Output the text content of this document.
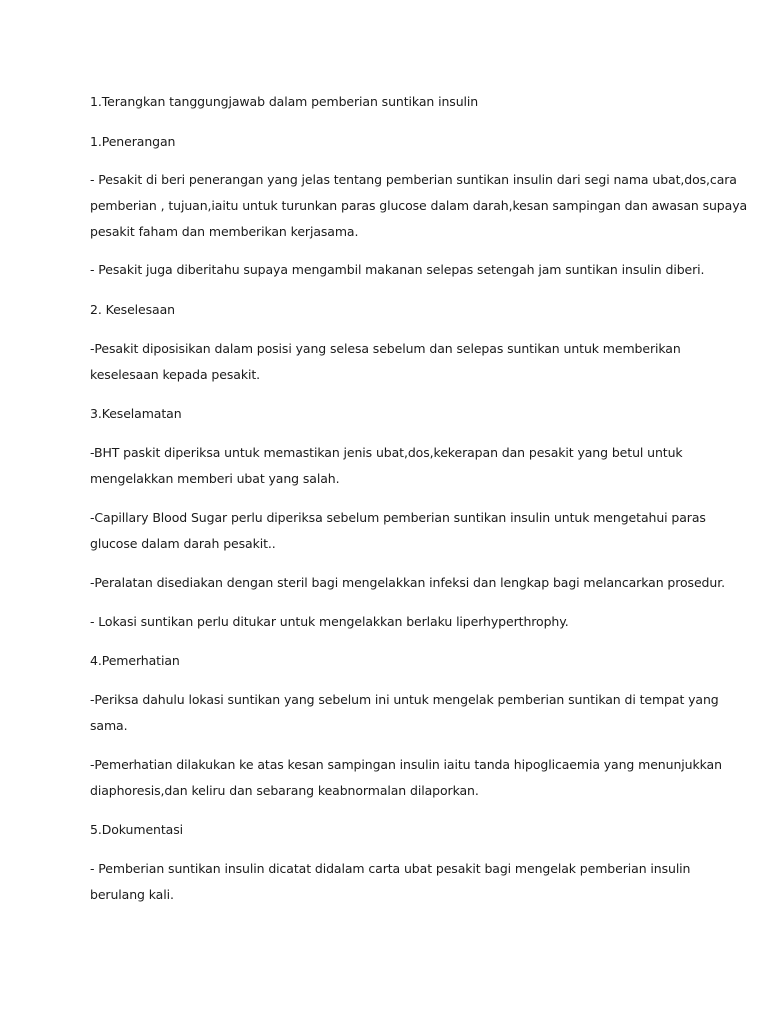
1.Terangkan tanggungjawab dalam pemberian suntikan insulin
1.Penerangan
- Pesakit di beri penerangan yang jelas tentang pemberian suntikan insulin dari segi nama ubat,dos,cara
pemberian , tujuan,iaitu untuk turunkan paras glucose dalam darah,kesan sampingan dan awasan supaya
pesakit faham dan memberikan kerjasama.
- Pesakit juga diberitahu supaya mengambil makanan selepas setengah jam suntikan insulin diberi.
2. Keselesaan
-Pesakit diposisikan dalam posisi yang selesa sebelum dan selepas suntikan untuk memberikan
keselesaan kepada pesakit.
3.Keselamatan
-BHT paskit diperiksa untuk memastikan jenis ubat,dos,kekerapan dan pesakit yang betul untuk
mengelakkan memberi ubat yang salah.
-Capillary Blood Sugar perlu diperiksa sebelum pemberian suntikan insulin untuk mengetahui paras
glucose dalam darah pesakit..
-Peralatan disediakan dengan steril bagi mengelakkan infeksi dan lengkap bagi melancarkan prosedur.
- Lokasi suntikan perlu ditukar untuk mengelakkan berlaku liperhyperthrophy.
4.Pemerhatian
-Periksa dahulu lokasi suntikan yang sebelum ini untuk mengelak pemberian suntikan di tempat yang
sama.
-Pemerhatian dilakukan ke atas kesan sampingan insulin iaitu tanda hipoglicaemia yang menunjukkan
diaphoresis,dan keliru dan sebarang keabnormalan dilaporkan.
5.Dokumentasi
- Pemberian suntikan insulin dicatat didalam carta ubat pesakit bagi mengelak pemberian insulin
berulang kali.
